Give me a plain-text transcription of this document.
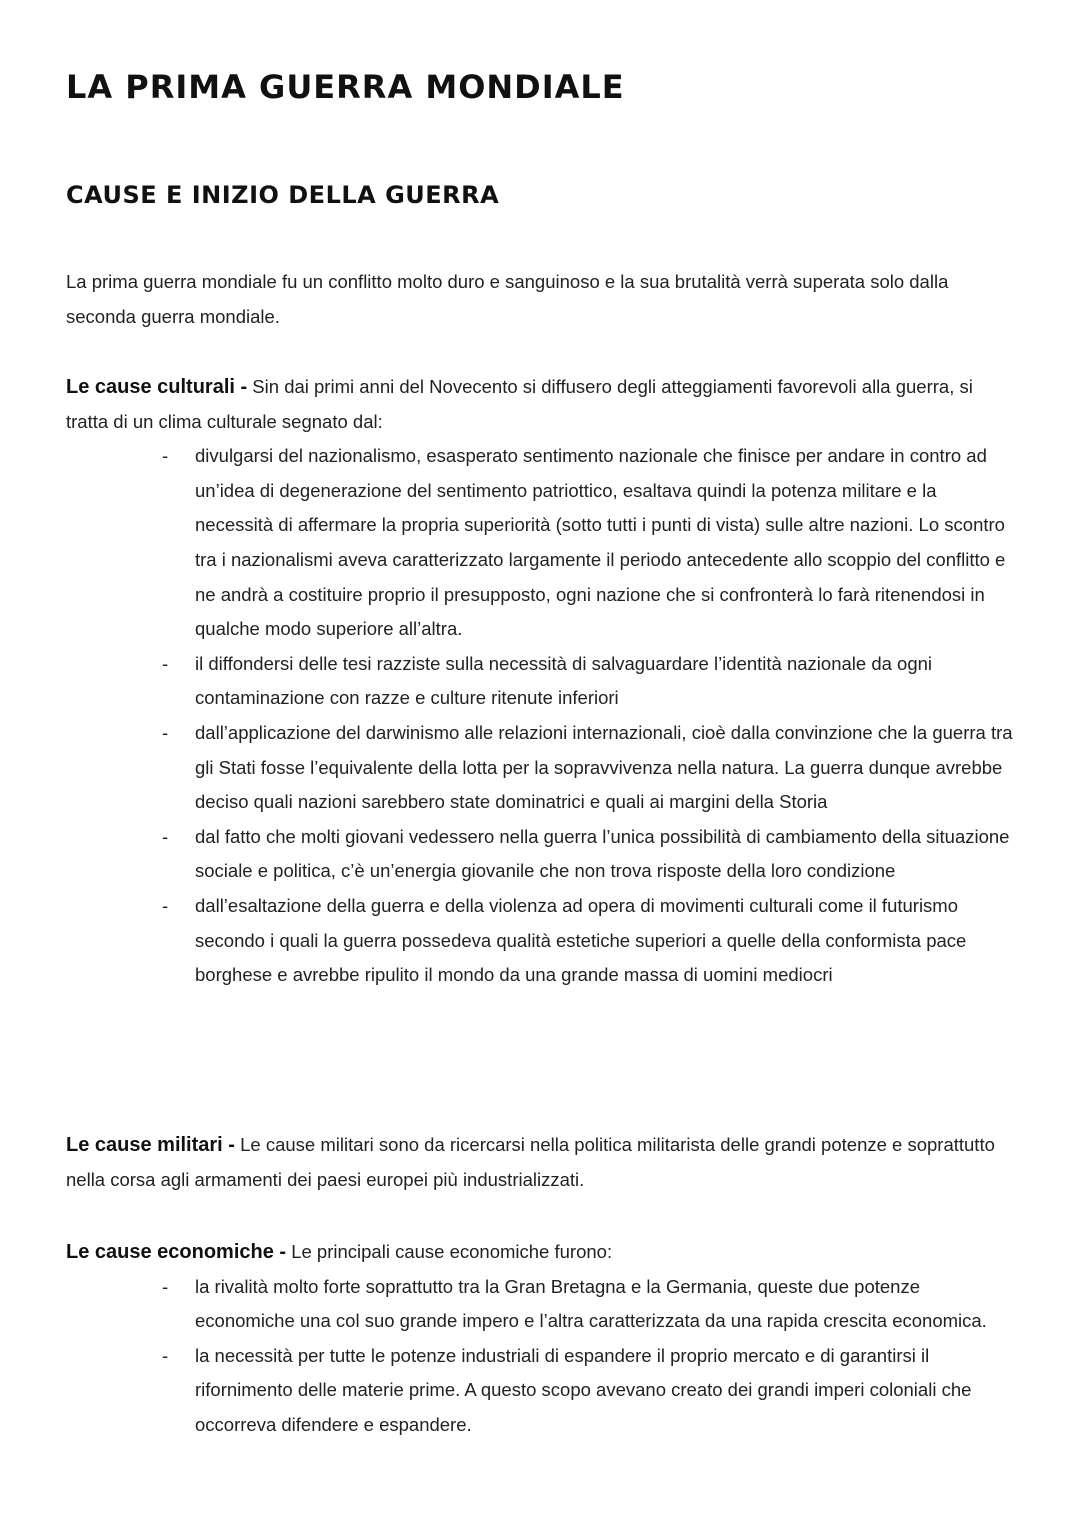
LA PRIMA GUERRA MONDIALE
CAUSE E INIZIO DELLA GUERRA

La prima guerra mondiale fu un conflitto molto duro e sanguinoso e la sua brutalità verrà superata solo dalla seconda guerra mondiale.

Le cause culturali - Sin dai primi anni del Novecento si diffusero degli atteggiamenti favorevoli alla guerra, si tratta di un clima culturale segnato dal:
- divulgarsi del nazionalismo, esasperato sentimento nazionale che finisce per andare in contro ad un’idea di degenerazione del sentimento patriottico, esaltava quindi la potenza militare e la necessità di affermare la propria superiorità (sotto tutti i punti di vista) sulle altre nazioni. Lo scontro tra i nazionalismi aveva caratterizzato largamente il periodo antecedente allo scoppio del conflitto e ne andrà a costituire proprio il presupposto, ogni nazione che si confronterà lo farà ritenendosi in qualche modo superiore all’altra.
- il diffondersi delle tesi razziste sulla necessità di salvaguardare l’identità nazionale da ogni contaminazione con razze e culture ritenute inferiori
- dall’applicazione del darwinismo alle relazioni internazionali, cioè dalla convinzione che la guerra tra gli Stati fosse l’equivalente della lotta per la sopravvivenza nella natura. La guerra dunque avrebbe deciso quali nazioni sarebbero state dominatrici e quali ai margini della Storia
- dal fatto che molti giovani vedessero nella guerra l’unica possibilità di cambiamento della situazione sociale e politica, c’è un’energia giovanile che non trova risposte della loro condizione
- dall’esaltazione della guerra e della violenza ad opera di movimenti culturali come il futurismo secondo i quali la guerra possedeva qualità estetiche superiori a quelle della conformista pace borghese e avrebbe ripulito il mondo da una grande massa di uomini mediocri
Le cause militari - Le cause militari sono da ricercarsi nella politica militarista delle grandi potenze e soprattutto nella corsa agli armamenti dei paesi europei più industrializzati.
Le cause economiche - Le principali cause economiche furono:
- la rivalità molto forte soprattutto tra la Gran Bretagna e la Germania, queste due potenze economiche una col suo grande impero e l’altra caratterizzata da una rapida crescita economica.
- la necessità per tutte le potenze industriali di espandere il proprio mercato e di garantirsi il rifornimento delle materie prime. A questo scopo avevano creato dei grandi imperi coloniali che occorreva difendere e espandere.
